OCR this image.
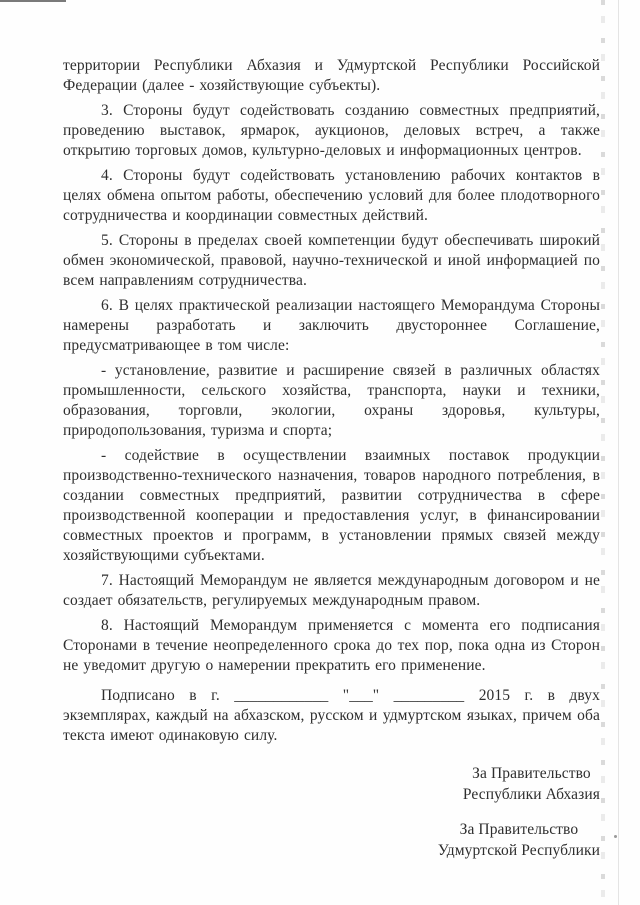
территории Республики Абхазия и Удмуртской Республики Российской Федерации (далее - хозяйствующие субъекты).

3. Стороны будут содействовать созданию совместных предприятий, проведению выставок, ярмарок, аукционов, деловых встреч, а также открытию торговых домов, культурно-деловых и информационных центров.

4. Стороны будут содействовать установлению рабочих контактов в целях обмена опытом работы, обеспечению условий для более плодотворного сотрудничества и координации совместных действий.

5. Стороны в пределах своей компетенции будут обеспечивать широкий обмен экономической, правовой, научно-технической и иной информацией по всем направлениям сотрудничества.

6. В целях практической реализации настоящего Меморандума Стороны намерены разработать и заключить двустороннее Соглашение, предусматривающее в том числе:

- установление, развитие и расширение связей в различных областях промышленности, сельского хозяйства, транспорта, науки и техники, образования, торговли, экологии, охраны здоровья, культуры, природопользования, туризма и спорта;

- содействие в осуществлении взаимных поставок продукции производственно-технического назначения, товаров народного потребления, в создании совместных предприятий, развитии сотрудничества в сфере производственной кооперации и предоставления услуг, в финансировании совместных проектов и программ, в установлении прямых связей между хозяйствующими субъектами.

7. Настоящий Меморандум не является международным договором и не создает обязательств, регулируемых международным правом.

8. Настоящий Меморандум применяется с момента его подписания Сторонами в течение неопределенного срока до тех пор, пока одна из Сторон не уведомит другую о намерении прекратить его применение.

Подписано в г. ____________ "___" _________ 2015 г. в двух экземплярах, каждый на абхазском, русском и удмуртском языках, причем оба текста имеют одинаковую силу.

За Правительство
Республики Абхазия

За Правительство
Удмуртской Республики
